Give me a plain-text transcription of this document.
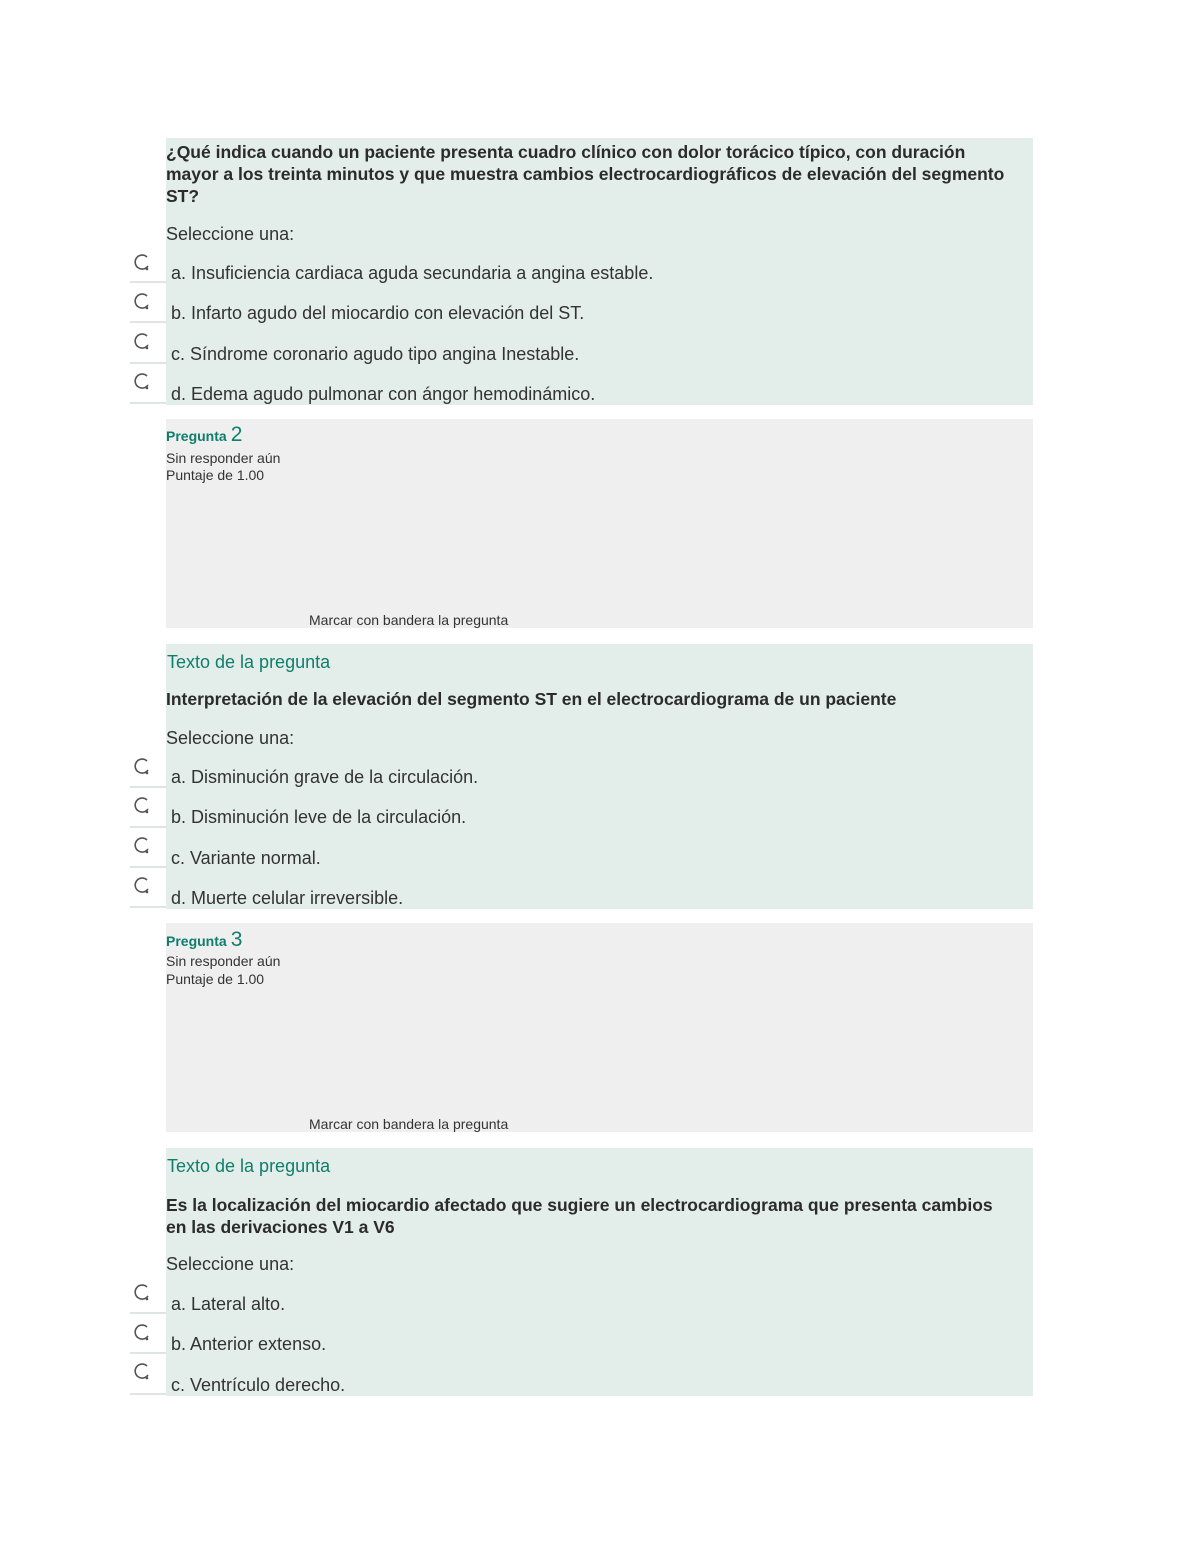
¿Qué indica cuando un paciente presenta cuadro clínico con dolor torácico típico, con duración mayor a los treinta minutos y que muestra cambios electrocardiográficos de elevación del segmento ST?
Seleccione una:
a. Insuficiencia cardiaca aguda secundaria a angina estable.
b. Infarto agudo del miocardio con elevación del ST.
c. Síndrome coronario agudo tipo angina Inestable.
d. Edema agudo pulmonar con ángor hemodinámico.
Pregunta 2
Sin responder aún
Puntaje de 1.00
Marcar con bandera la pregunta
Texto de la pregunta
Interpretación de la elevación del segmento ST en el electrocardiograma de un paciente
Seleccione una:
a. Disminución grave de la circulación.
b. Disminución leve de la circulación.
c. Variante normal.
d. Muerte celular irreversible.
Pregunta 3
Sin responder aún
Puntaje de 1.00
Marcar con bandera la pregunta
Texto de la pregunta
Es la localización del miocardio afectado que sugiere un electrocardiograma que presenta cambios en las derivaciones V1 a V6
Seleccione una:
a. Lateral alto.
b. Anterior extenso.
c. Ventrículo derecho.
